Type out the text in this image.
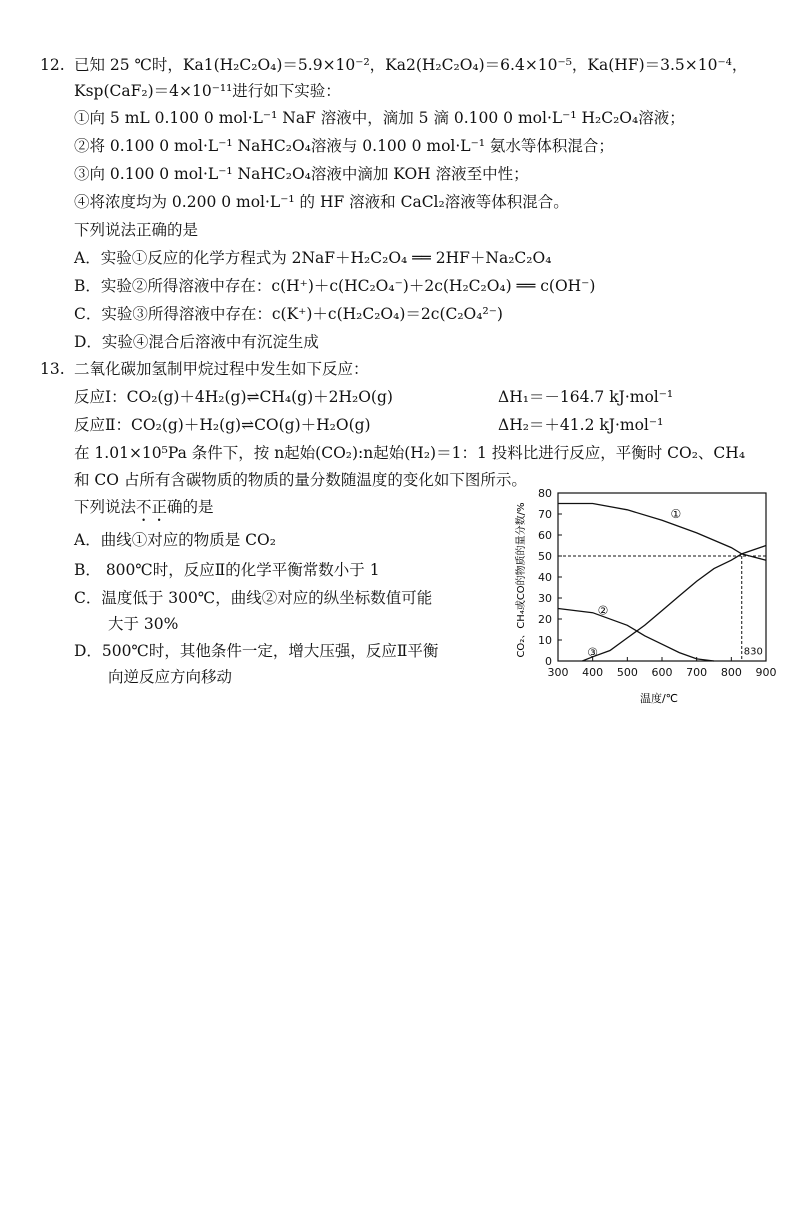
12. 已知 25 ℃时，Ka1(H₂C₂O₄)＝5.9×10⁻²，Ka2(H₂C₂O₄)＝6.4×10⁻⁵，Ka(HF)＝3.5×10⁻⁴，
Ksp(CaF₂)＝4×10⁻¹¹进行如下实验：
①向 5 mL 0.100 0 mol·L⁻¹ NaF 溶液中，滴加 5 滴 0.100 0 mol·L⁻¹ H₂C₂O₄溶液；
②将 0.100 0 mol·L⁻¹ NaHC₂O₄溶液与 0.100 0 mol·L⁻¹ 氨水等体积混合；
③向 0.100 0 mol·L⁻¹ NaHC₂O₄溶液中滴加 KOH 溶液至中性；
④将浓度均为 0.200 0 mol·L⁻¹ 的 HF 溶液和 CaCl₂溶液等体积混合。
下列说法正确的是
A．实验①反应的化学方程式为 2NaF＋H₂C₂O₄ ══ 2HF＋Na₂C₂O₄
B．实验②所得溶液中存在：c(H⁺)＋c(HC₂O₄⁻)＋2c(H₂C₂O₄) ══ c(OH⁻)
C．实验③所得溶液中存在：c(K⁺)＋c(H₂C₂O₄)＝2c(C₂O₄²⁻)
D．实验④混合后溶液中有沉淀生成
13. 二氧化碳加氢制甲烷过程中发生如下反应：
反应Ⅰ：CO₂(g)＋4H₂(g)⇌CH₄(g)＋2H₂O(g)	ΔH₁＝－164.7 kJ·mol⁻¹
反应Ⅱ：CO₂(g)＋H₂(g)⇌CO(g)＋H₂O(g)	ΔH₂＝＋41.2 kJ·mol⁻¹
在 1.01×10⁵Pa 条件下，按 n起始(CO₂):n起始(H₂)＝1：1 投料比进行反应，平衡时 CO₂、CH₄
和 CO 占所有含碳物质的物质的量分数随温度的变化如下图所示。
下列说法不正确的是
A．曲线①对应的物质是 CO₂
B． 800℃时，反应Ⅱ的化学平衡常数小于 1
C．温度低于 300℃，曲线②对应的纵坐标数值可能
大于 30%
D．500℃时，其他条件一定，增大压强，反应Ⅱ平衡
向逆反应方向移动	300 400 500 600 700 800 900
0
10
20
30
40
50
60
70
80
①
②
③	830
温度/℃
CO₂、CH₄或CO的物质的量分数/%
